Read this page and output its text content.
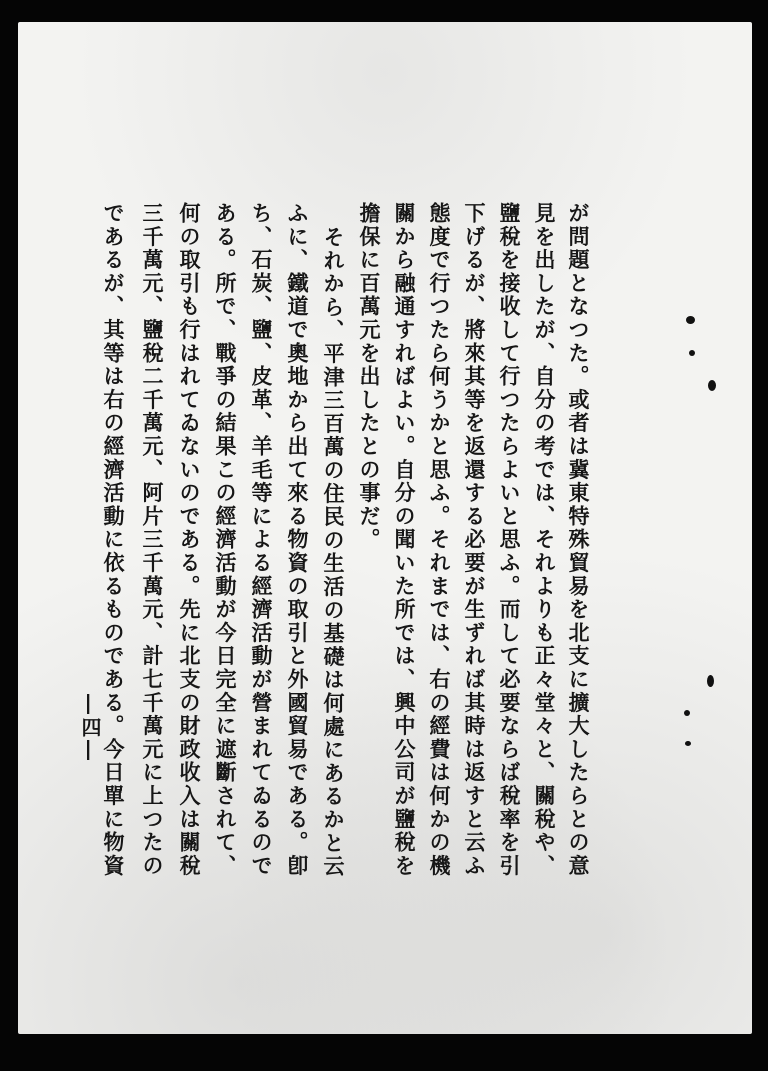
が問題となつた。或者は冀東特殊貿易を北支に擴大したらとの意
見を出したが、自分の考では、それよりも正々堂々と、關稅や、
鹽稅を接收して行つたらよいと思ふ。而して必要ならば稅率を引
下げるが、將來其等を返還する必要が生ずれば其時は返すと云ふ
態度で行つたら何うかと思ふ。それまでは、右の經費は何かの機
關から融通すればよい。自分の聞いた所では、興中公司が鹽稅を
擔保に百萬元を出したとの事だ。
それから、平津三百萬の住民の生活の基礎は何處にあるかと云
ふに、鐵道で奧地から出て來る物資の取引と外國貿易である。卽
ち、石炭、鹽、皮革、羊毛等による經濟活動が營まれてゐるので
ある。所で、戰爭の結果この經濟活動が今日完全に遮斷されて、
何の取引も行はれてゐないのである。先に北支の財政收入は關稅
三千萬元、鹽稅二千萬元、阿片三千萬元、計七千萬元に上つたの
であるが、其等は右の經濟活動に依るものである。今日單に物資
―四―
